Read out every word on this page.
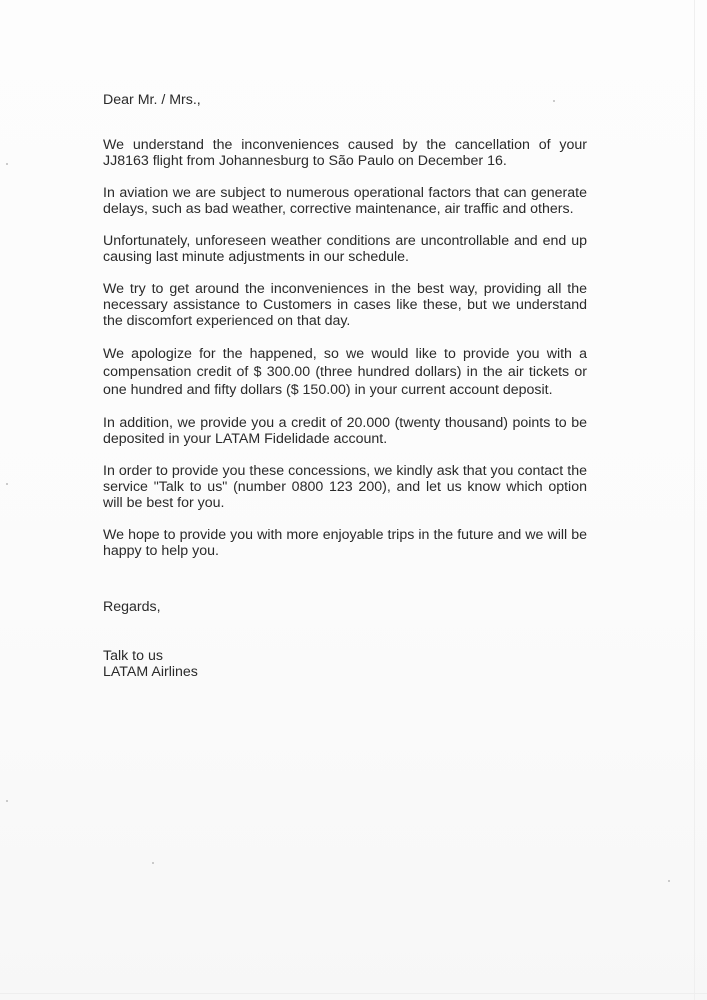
Dear Mr. / Mrs.,

We understand the inconveniences caused by the cancellation of your JJ8163 flight from Johannesburg to São Paulo on December 16.

In aviation we are subject to numerous operational factors that can generate delays, such as bad weather, corrective maintenance, air traffic and others.

Unfortunately, unforeseen weather conditions are uncontrollable and end up causing last minute adjustments in our schedule.

We try to get around the inconveniences in the best way, providing all the necessary assistance to Customers in cases like these, but we understand the discomfort experienced on that day.

We apologize for the happened, so we would like to provide you with a compensation credit of $ 300.00 (three hundred dollars) in the air tickets or one hundred and fifty dollars ($ 150.00) in your current account deposit.

In addition, we provide you a credit of 20.000 (twenty thousand) points to be deposited in your LATAM Fidelidade account.

In order to provide you these concessions, we kindly ask that you contact the service "Talk to us" (number 0800 123 200), and let us know which option will be best for you.

We hope to provide you with more enjoyable trips in the future and we will be happy to help you.

Regards,

Talk to us

LATAM Airlines
